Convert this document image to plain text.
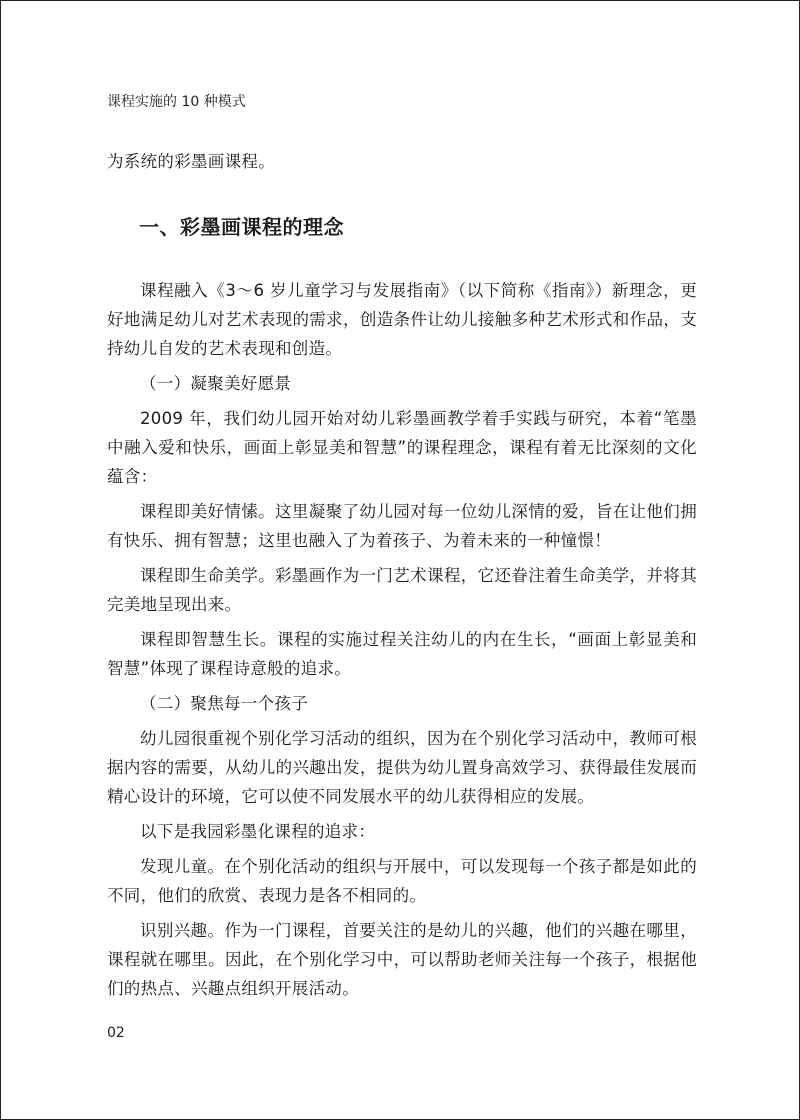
课程实施的 10 种模式

为系统的彩墨画课程。

一、彩墨画课程的理念

课程融入《3～6 岁儿童学习与发展指南》（以下简称《指南》）新理念，更好地满足幼儿对艺术表现的需求，创造条件让幼儿接触多种艺术形式和作品，支持幼儿自发的艺术表现和创造。

（一）凝聚美好愿景

2009 年，我们幼儿园开始对幼儿彩墨画教学着手实践与研究，本着“笔墨中融入爱和快乐，画面上彰显美和智慧”的课程理念，课程有着无比深刻的文化蕴含：

课程即美好情愫。这里凝聚了幼儿园对每一位幼儿深情的爱，旨在让他们拥有快乐、拥有智慧；这里也融入了为着孩子、为着未来的一种憧憬！

课程即生命美学。彩墨画作为一门艺术课程，它还眷注着生命美学，并将其完美地呈现出来。

课程即智慧生长。课程的实施过程关注幼儿的内在生长，“画面上彰显美和智慧”体现了课程诗意般的追求。

（二）聚焦每一个孩子

幼儿园很重视个别化学习活动的组织，因为在个别化学习活动中，教师可根据内容的需要，从幼儿的兴趣出发，提供为幼儿置身高效学习、获得最佳发展而精心设计的环境，它可以使不同发展水平的幼儿获得相应的发展。

以下是我园彩墨化课程的追求：

发现儿童。在个别化活动的组织与开展中，可以发现每一个孩子都是如此的不同，他们的欣赏、表现力是各不相同的。

识别兴趣。作为一门课程，首要关注的是幼儿的兴趣，他们的兴趣在哪里，课程就在哪里。因此，在个别化学习中，可以帮助老师关注每一个孩子，根据他们的热点、兴趣点组织开展活动。

02
